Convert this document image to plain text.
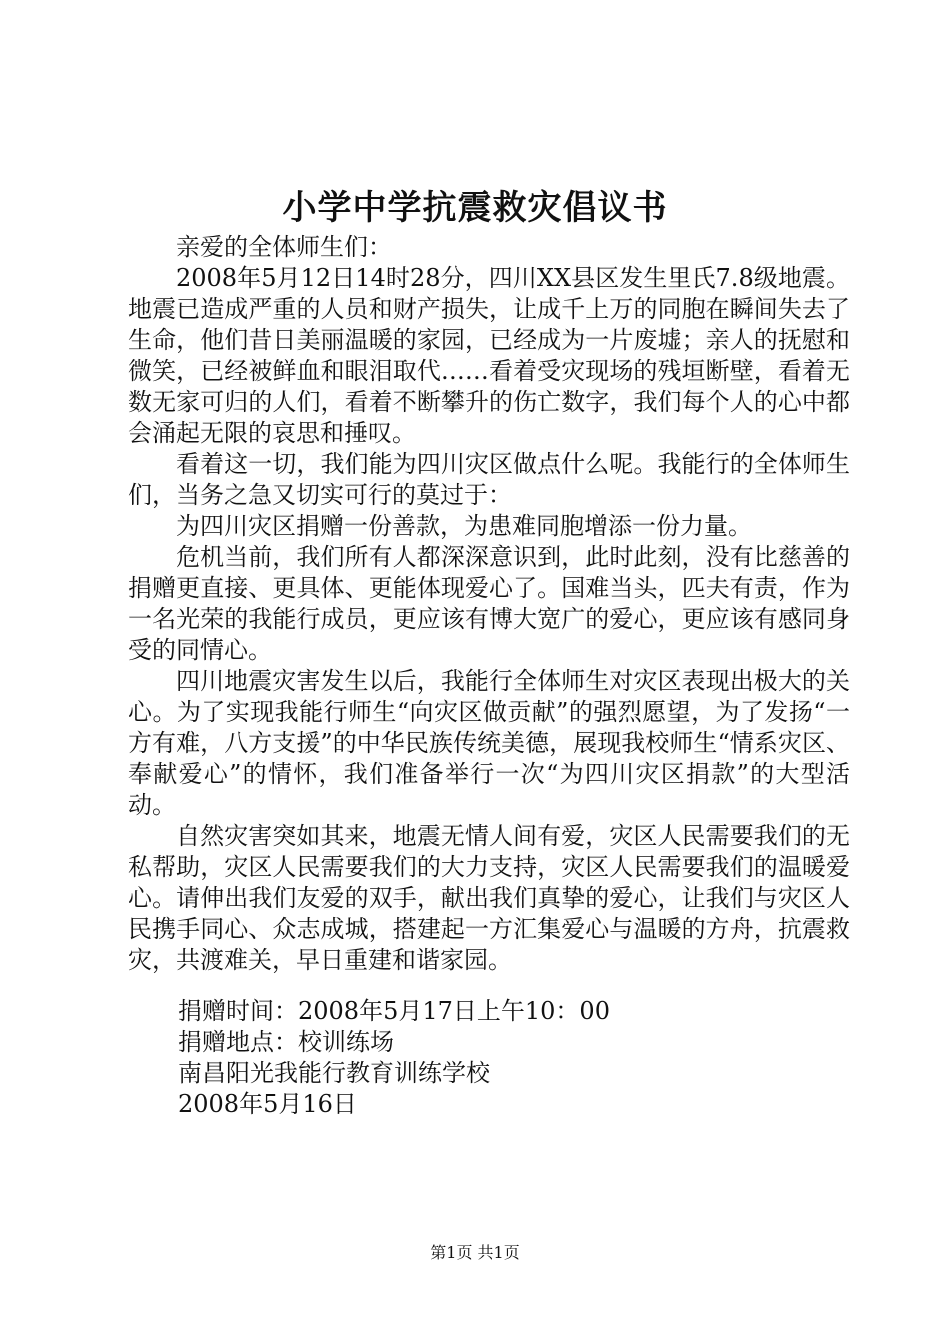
小学中学抗震救灾倡议书

亲爱的全体师生们：

2008年5月12日14时28分，四川XX县区发生里氏7.8级地震。地震已造成严重的人员和财产损失，让成千上万的同胞在瞬间失去了生命，他们昔日美丽温暖的家园，已经成为一片废墟；亲人的抚慰和微笑，已经被鲜血和眼泪取代……看着受灾现场的残垣断壁，看着无数无家可归的人们，看着不断攀升的伤亡数字，我们每个人的心中都会涌起无限的哀思和捶叹。

看着这一切，我们能为四川灾区做点什么呢。我能行的全体师生们，当务之急又切实可行的莫过于：

为四川灾区捐赠一份善款，为患难同胞增添一份力量。

危机当前，我们所有人都深深意识到，此时此刻，没有比慈善的捐赠更直接、更具体、更能体现爱心了。国难当头，匹夫有责，作为一名光荣的我能行成员，更应该有博大宽广的爱心，更应该有感同身受的同情心。

四川地震灾害发生以后，我能行全体师生对灾区表现出极大的关心。为了实现我能行师生“向灾区做贡献”的强烈愿望，为了发扬“一方有难，八方支援”的中华民族传统美德，展现我校师生“情系灾区、奉献爱心”的情怀，我们准备举行一次“为四川灾区捐款”的大型活动。

自然灾害突如其来，地震无情人间有爱，灾区人民需要我们的无私帮助，灾区人民需要我们的大力支持，灾区人民需要我们的温暖爱心。请伸出我们友爱的双手，献出我们真挚的爱心，让我们与灾区人民携手同心、众志成城，搭建起一方汇集爱心与温暖的方舟，抗震救灾，共渡难关，早日重建和谐家园。

捐赠时间：2008年5月17日上午10：00
捐赠地点：校训练场
南昌阳光我能行教育训练学校
2008年5月16日
第1页 共1页
